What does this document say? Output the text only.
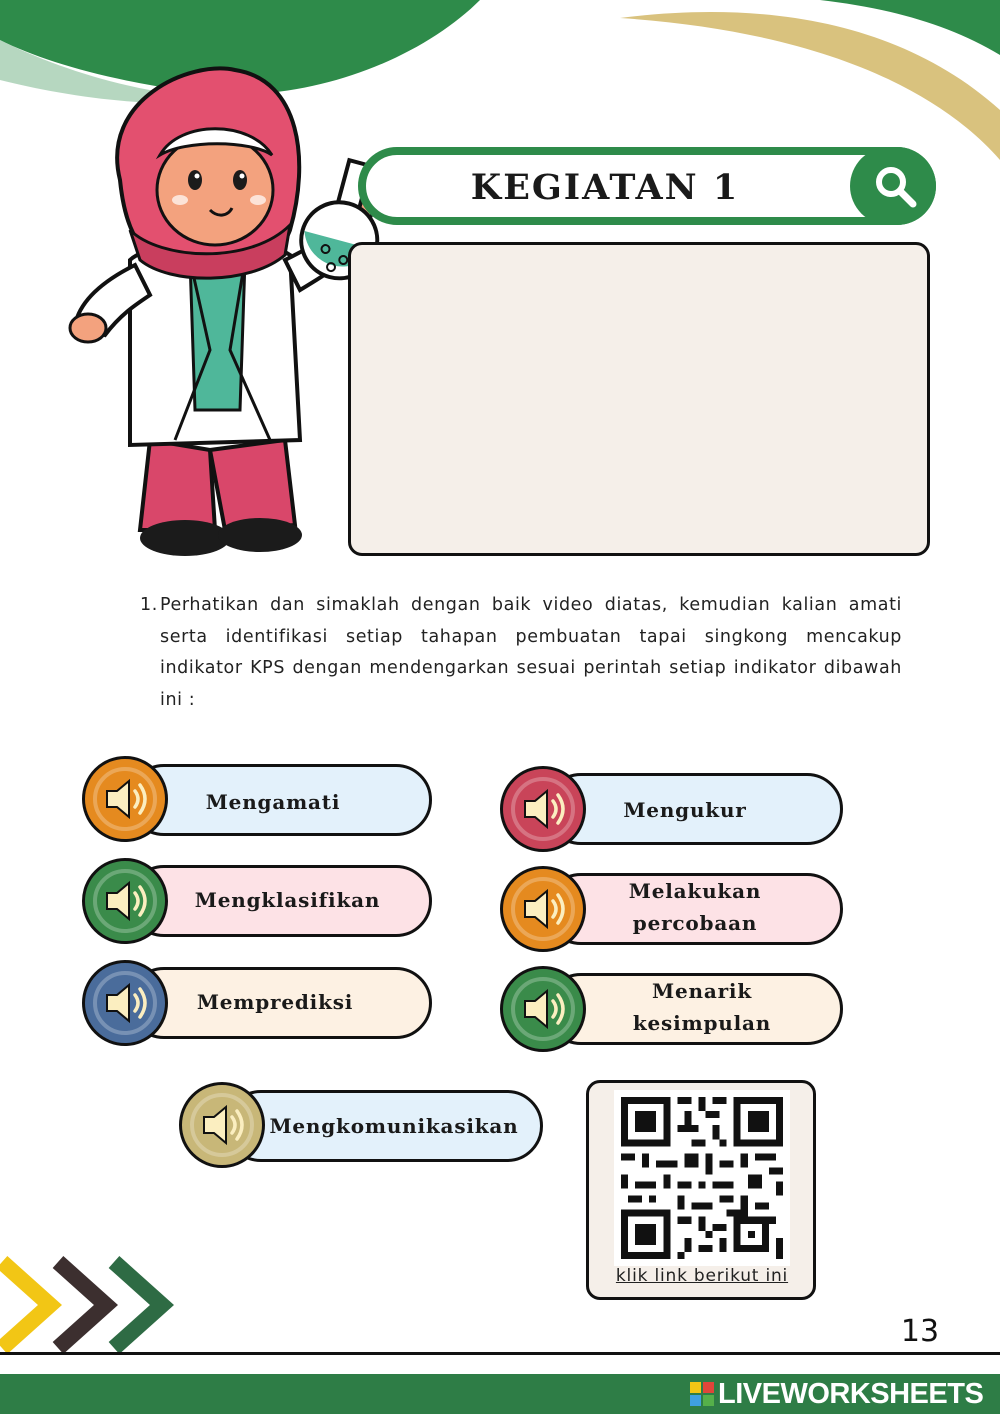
KEGIATAN 1
1. Perhatikan dan simaklah dengan baik video diatas, kemudian kalian amati serta identifikasi setiap tahapan pembuatan tapai singkong mencakup indikator KPS dengan mendengarkan sesuai perintah setiap indikator dibawah ini :
Mengamati	Mengukur
Mengklasifikan	Melakukan percobaan
Memprediksi	Menarik kesimpulan
Mengkomunikasikan
klik link berikut ini
13
LIVEWORKSHEETS
